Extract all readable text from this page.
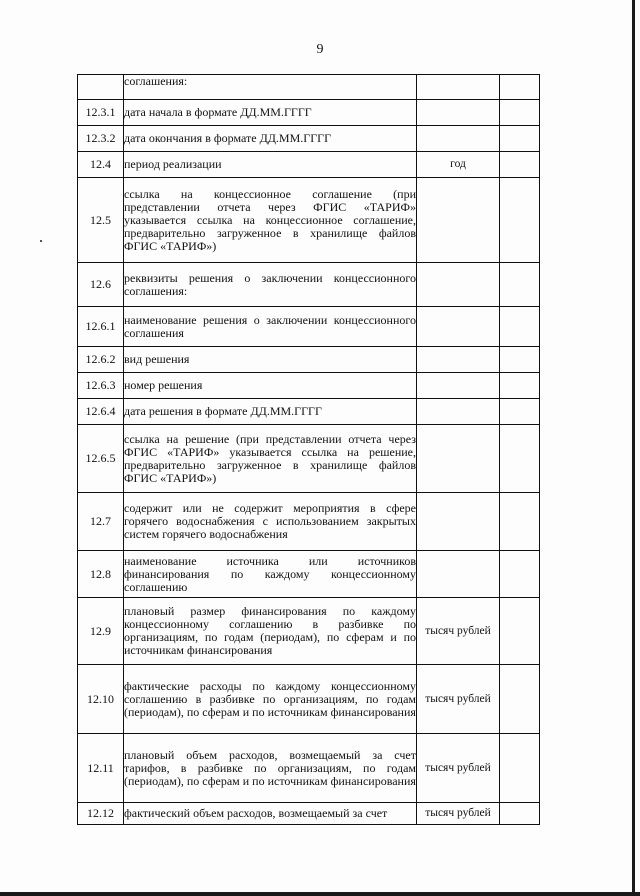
9
	соглашения:		
12.3.1	дата начала в формате ДД.ММ.ГГГГ		
12.3.2	дата окончания в формате ДД.ММ.ГГГГ		
12.4	период реализации	год	
12.5	ссылка на концессионное соглашение (при представлении отчета через ФГИС «ТАРИФ» указывается ссылка на концессионное соглашение, предварительно загруженное в хранилище файлов ФГИС «ТАРИФ»)		
12.6	реквизиты решения о заключении концессионного соглашения:		
12.6.1	наименование решения о заключении концессионного соглашения		
12.6.2	вид решения		
12.6.3	номер решения		
12.6.4	дата решения в формате ДД.ММ.ГГГГ		
12.6.5	ссылка на решение (при представлении отчета через ФГИС «ТАРИФ» указывается ссылка на решение, предварительно загруженное в хранилище файлов ФГИС «ТАРИФ»)		
12.7	содержит или не содержит мероприятия в сфере горячего водоснабжения с использованием закрытых систем горячего водоснабжения		
12.8	наименование источника или источников финансирования по каждому концессионному соглашению		
12.9	плановый размер финансирования по каждому концессионному соглашению в разбивке по организациям, по годам (периодам), по сферам и по источникам финансирования	тысяч рублей	
12.10	фактические расходы по каждому концессионному соглашению в разбивке по организациям, по годам (периодам), по сферам и по источникам финансирования	тысяч рублей	
12.11	плановый объем расходов, возмещаемый за счет тарифов, в разбивке по организациям, по годам (периодам), по сферам и по источникам финансирования	тысяч рублей	
12.12	фактический объем расходов, возмещаемый за счет	тысяч рублей	
